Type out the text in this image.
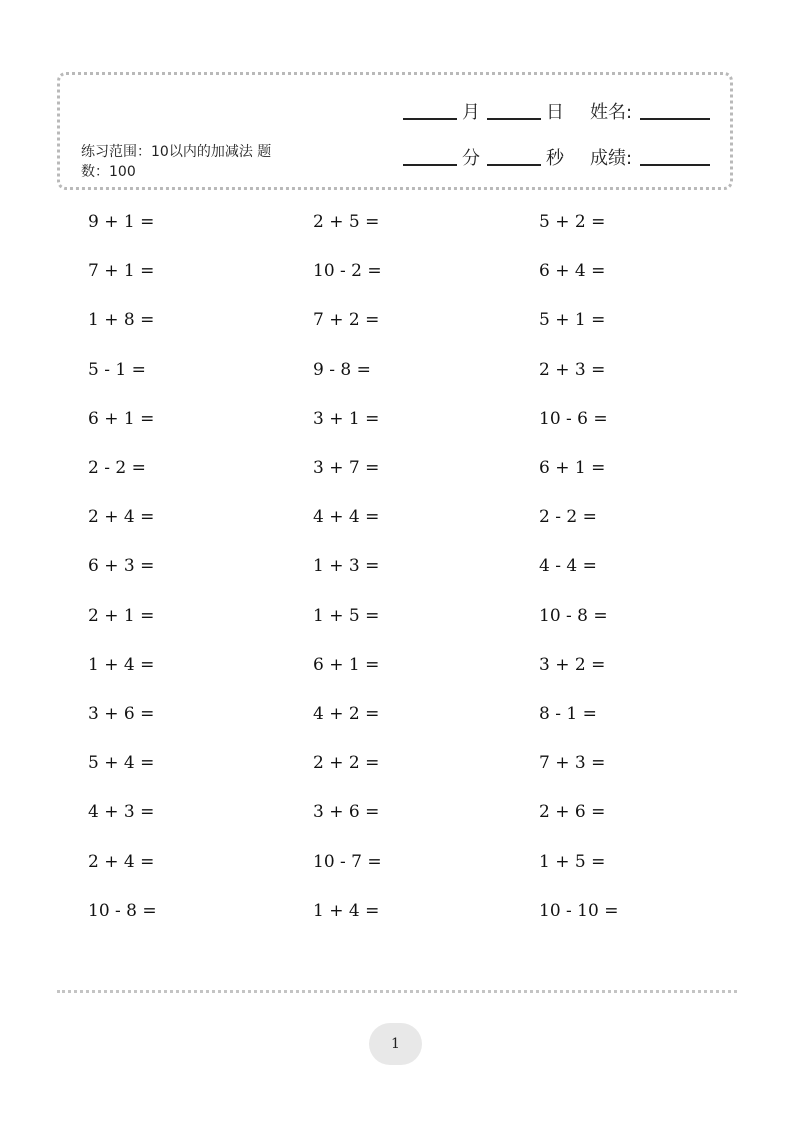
练习范围：10以内的加减法 题
数：100
月	日 姓名:
分	秒 成绩:
9 + 1 =
7 + 1 =
1 + 8 =
5 - 1 =
6 + 1 =
2 - 2 =
2 + 4 =
6 + 3 =
2 + 1 =
1 + 4 =
3 + 6 =
5 + 4 =
4 + 3 =
2 + 4 =
10 - 8 =
2 + 5 =
10 - 2 =
7 + 2 =
9 - 8 =
3 + 1 =
3 + 7 =
4 + 4 =
1 + 3 =
1 + 5 =
6 + 1 =
4 + 2 =
2 + 2 =
3 + 6 =
10 - 7 =
1 + 4 =
5 + 2 =
6 + 4 =
5 + 1 =
2 + 3 =
10 - 6 =
6 + 1 =
2 - 2 =
4 - 4 =
10 - 8 =
3 + 2 =
8 - 1 =
7 + 3 =
2 + 6 =
1 + 5 =
10 - 10 =
1
